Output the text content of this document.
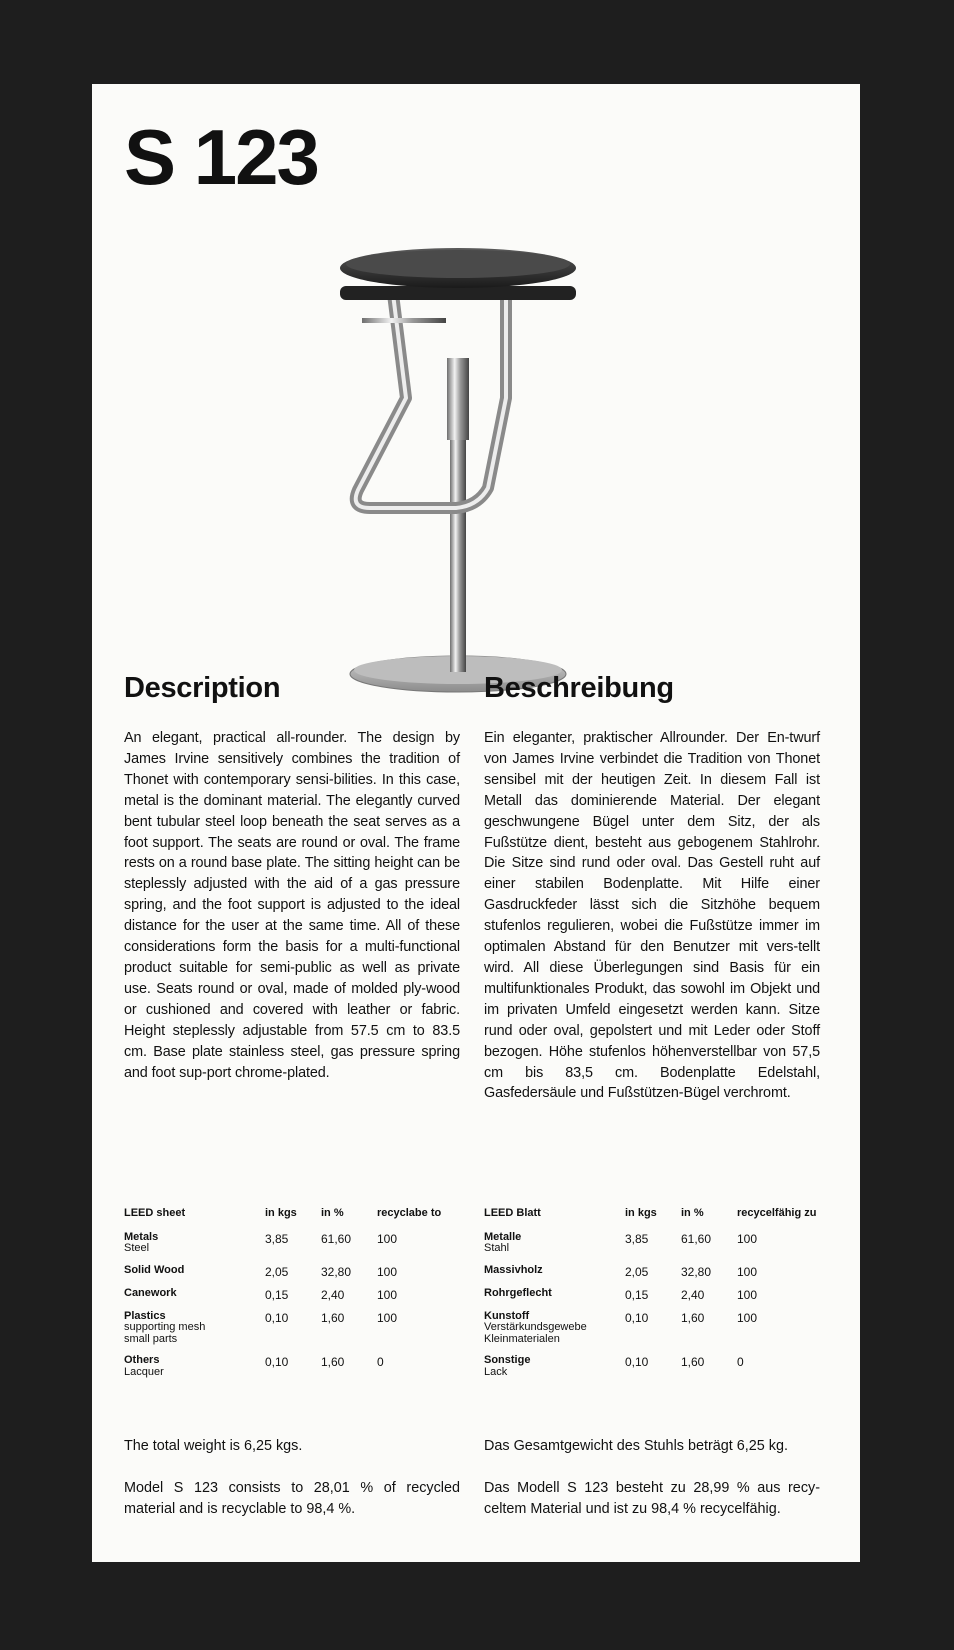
S 123
Description	Beschreibung

An elegant, practical all-rounder. The design by James Irvine sensitively combines the tradition of Thonet with contemporary sensi-bilities. In this case, metal is the dominant material. The elegantly curved bent tubular steel loop beneath the seat serves as a foot support. The seats are round or oval. The frame rests on a round base plate. The sitting height can be steplessly adjusted with the aid of a gas pressure spring, and the foot support is adjusted to the ideal distance for the user at the same time. All of these considerations form the basis for a multi-functional product suitable for semi-public as well as private use. Seats round or oval, made of molded ply-wood or cushioned and covered with leather or fabric. Height steplessly adjustable from 57.5 cm to 83.5 cm. Base plate stainless steel, gas pressure spring and foot sup-port chrome-plated.

Ein eleganter, praktischer Allrounder. Der En-twurf von James Irvine verbindet die Tradition von Thonet sensibel mit der heutigen Zeit. In diesem Fall ist Metall das dominierende Material. Der elegant geschwungene Bügel unter dem Sitz, der als Fußstütze dient, besteht aus gebogenem Stahlrohr. Die Sitze sind rund oder oval. Das Gestell ruht auf einer stabilen Bodenplatte. Mit Hilfe einer Gasdruckfeder lässt sich die Sitzhöhe bequem stufenlos regulieren, wobei die Fußstütze immer im optimalen Abstand für den Benutzer mit vers-tellt wird. All diese Überlegungen sind Basis für ein multifunktionales Produkt, das sowohl im Objekt und im privaten Umfeld eingesetzt werden kann. Sitze rund oder oval, gepolstert und mit Leder oder Stoff bezogen. Höhe stufenlos höhenverstellbar von 57,5 cm bis 83,5 cm. Bodenplatte Edelstahl, Gasfedersäule und Fußstützen-Bügel verchromt.

LEED sheet	in kgs	in %	recyclabe to

Metals
Steel	3,85	61,60	100

Solid Wood	2,05	32,80	100

Canework	0,15	2,40	100

Plastics
supporting mesh
small parts	0,10	1,60	100

Others
Lacquer	0,10	1,60	0
LEED Blatt	in kgs	in %	recycelfähig zu

Metalle
Stahl	3,85	61,60	100

Massivholz	2,05	32,80	100

Rohrgeflecht	0,15	2,40	100

Kunstoff
Verstärkundsgewebe
Kleinmaterialen	0,10	1,60	100

Sonstige
Lack	0,10	1,60	0

The total weight is 6,25 kgs.	Das Gesamtgewicht des Stuhls beträgt 6,25 kg.

Model S 123 consists to 28,01 % of recycled material and is recyclable to 98,4 %.

Das Modell S 123 besteht zu 28,99 % aus recy-celtem Material und ist zu 98,4 % recycelfähig.
